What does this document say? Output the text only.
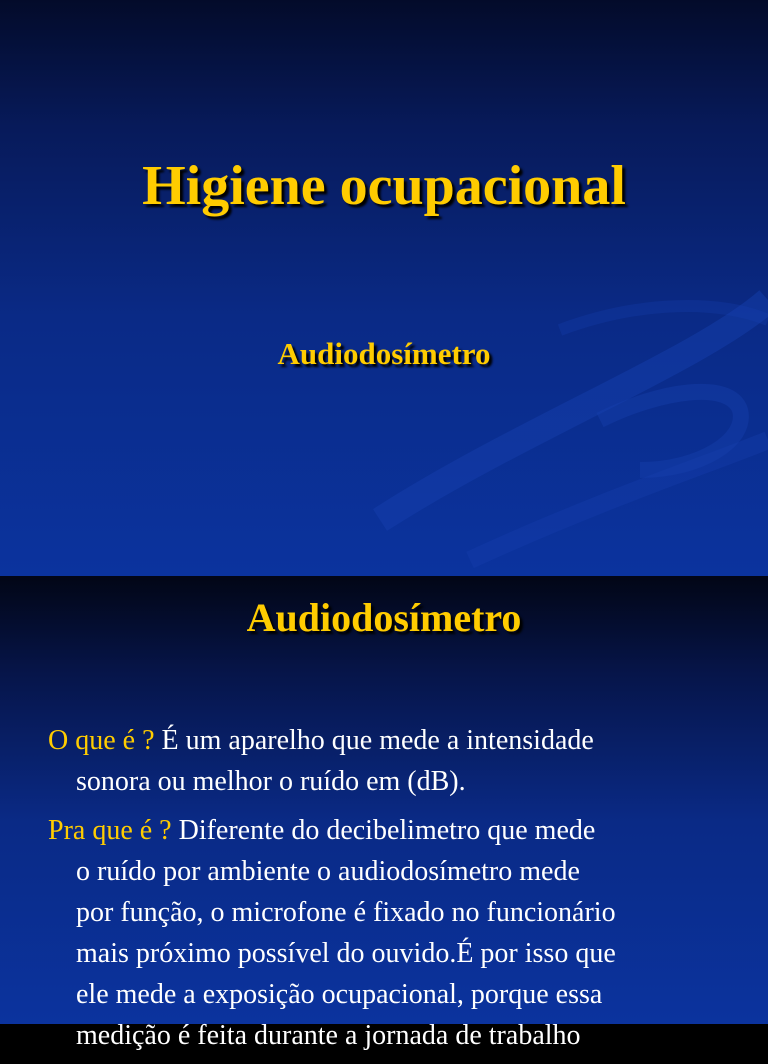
Higiene ocupacional
Audiodosímetro
Audiodosímetro

O que é ? É um aparelho que mede a intensidade
sonora ou melhor o ruído em (dB).

Pra que é ? Diferente do decibelimetro que mede
o ruído por ambiente o audiodosímetro mede
por função, o microfone é fixado no funcionário
mais próximo possível do ouvido.É por isso que
ele mede a exposição ocupacional, porque essa
medição é feita durante a jornada de trabalho
